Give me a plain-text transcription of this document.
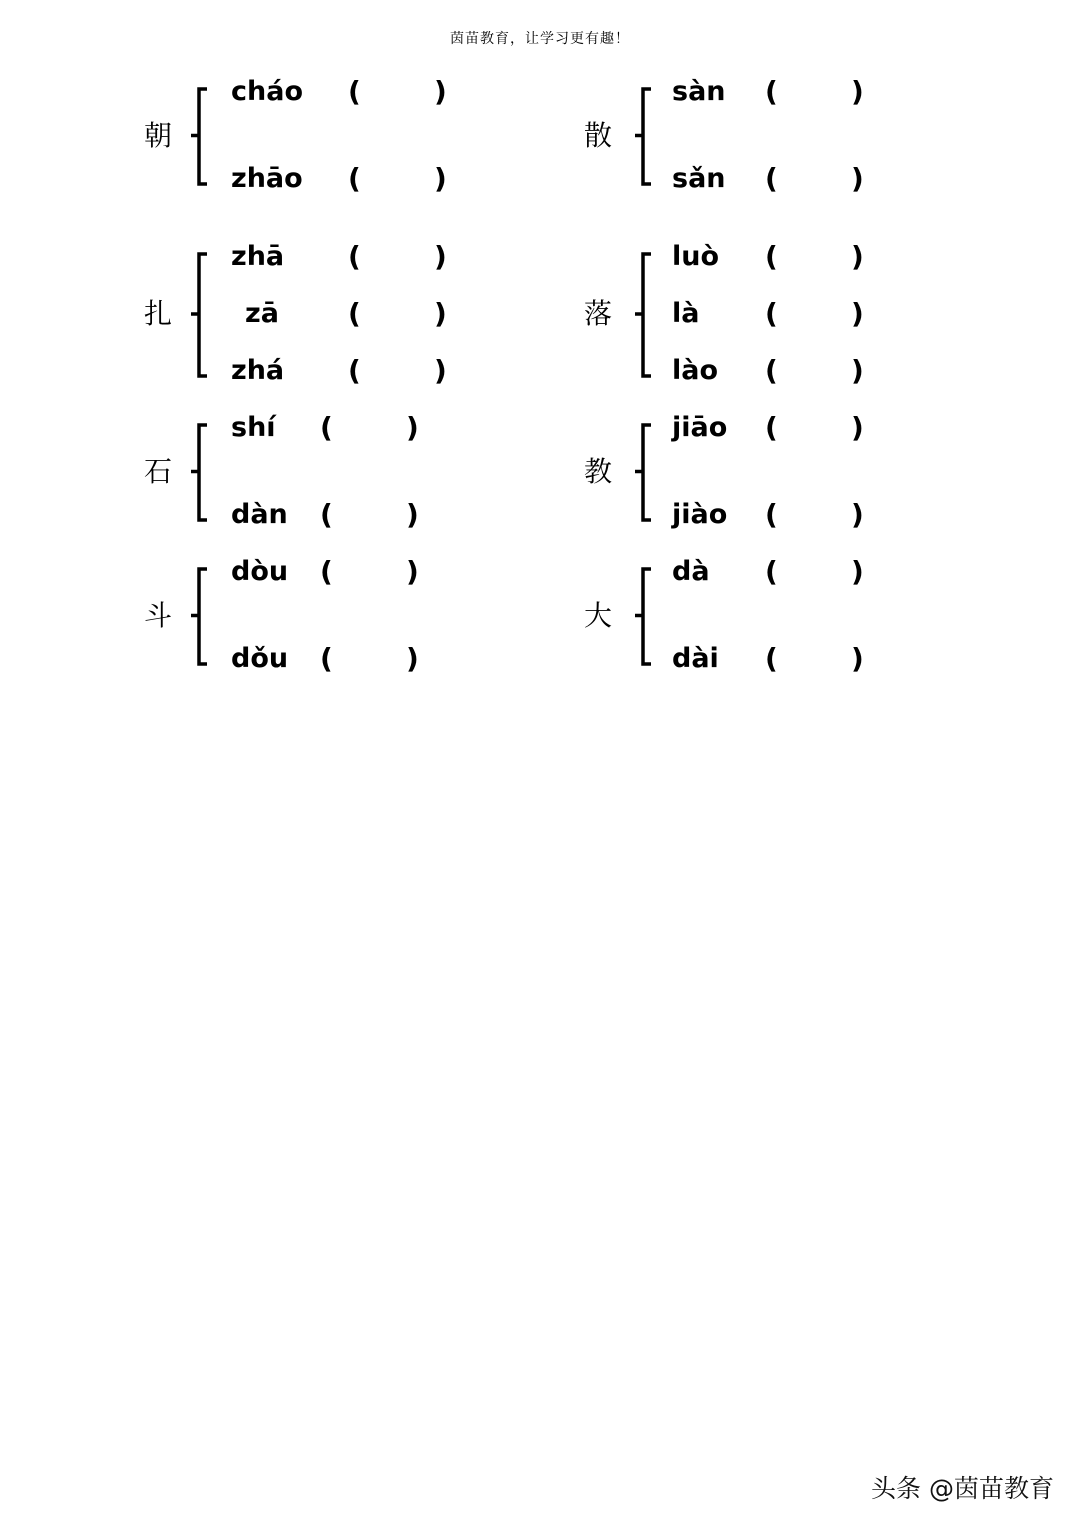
茵苗教育，让学习更有趣！
朝
cháo (	)
zhāo (	)
散
sàn (	)
sǎn (	)
扎
zhā (	)
zā (	)
zhá (	)
落
luò (	)
là (	)
lào (	)
石
shí (	)
dàn (	)
教
jiāo (	)
jiào (	)
斗
dòu (	)
dǒu (	)
大
dà (	)
dài (	)
头条 @茵苗教育
